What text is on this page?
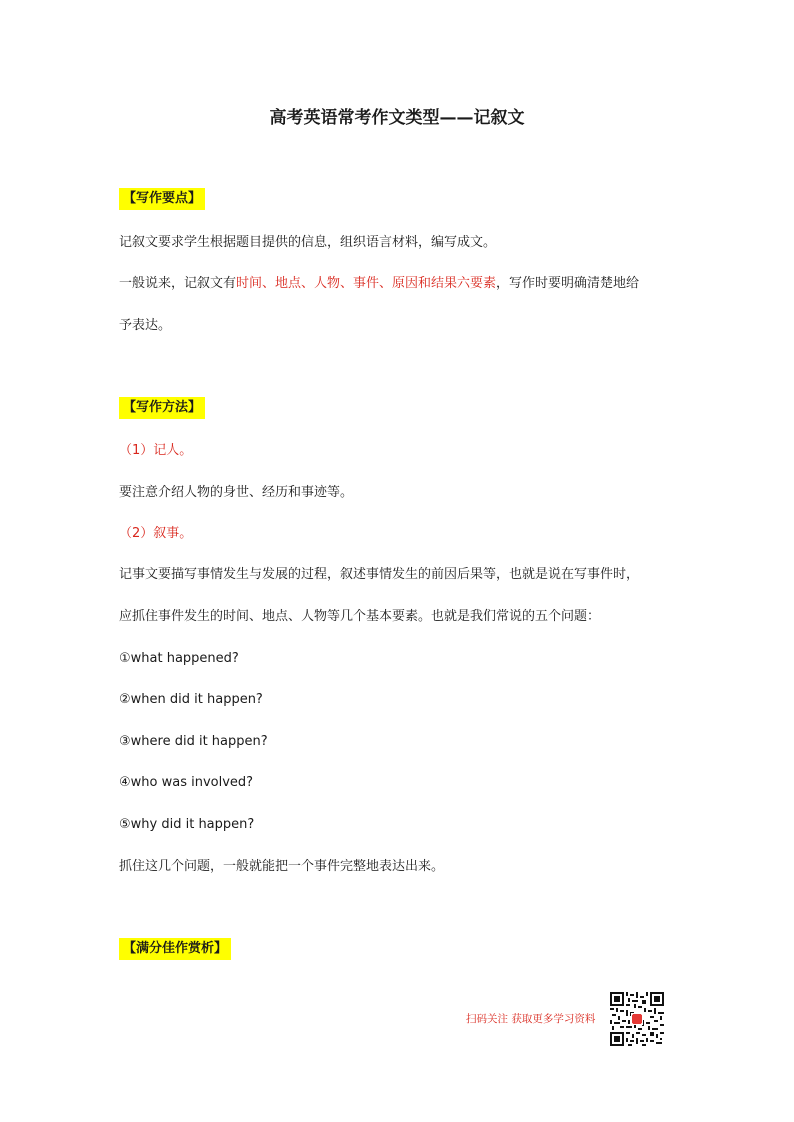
高考英语常考作文类型——记叙文
【写作要点】

记叙文要求学生根据题目提供的信息，组织语言材料，编写成文。

一般说来，记叙文有时间、地点、人物、事件、原因和结果六要素，写作时要明确清楚地给

予表达。

【写作方法】

（1）记人。

要注意介绍人物的身世、经历和事迹等。

（2）叙事。

记事文要描写事情发生与发展的过程，叙述事情发生的前因后果等，也就是说在写事件时，

应抓住事件发生的时间、地点、人物等几个基本要素。也就是我们常说的五个问题：

①what happened?

②when did it happen?

③where did it happen?

④who was involved?

⑤why did it happen?

抓住这几个问题，一般就能把一个事件完整地表达出来。

【满分佳作赏析】
扫码关注 获取更多学习资料
